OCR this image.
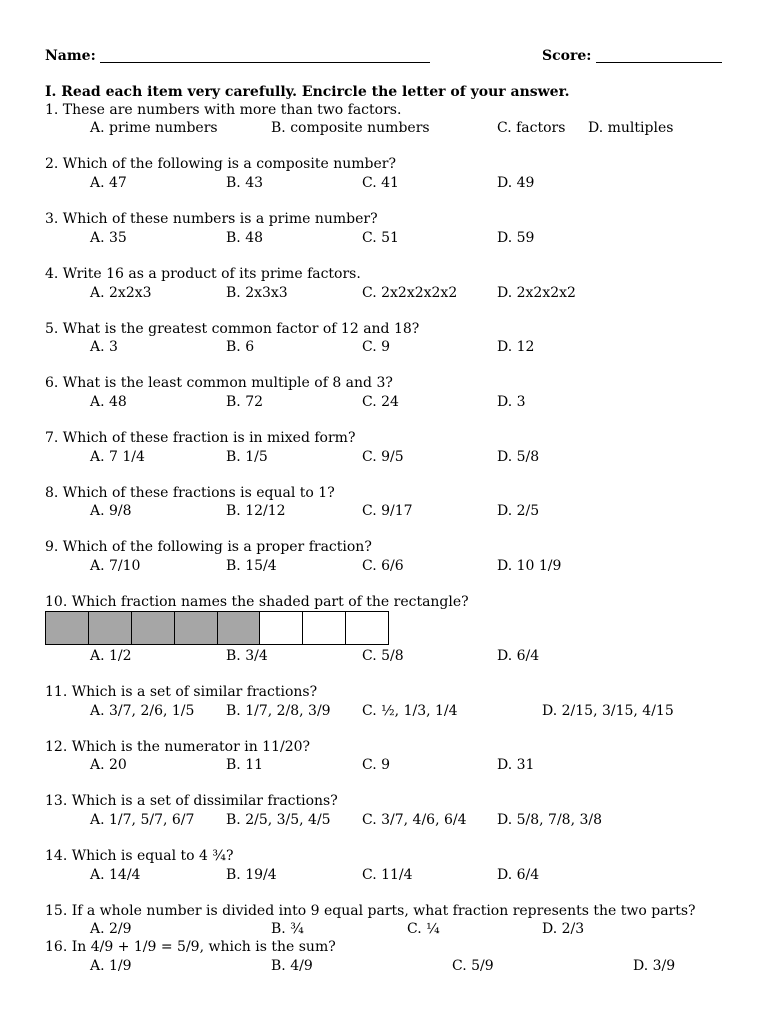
Name:	Score:
I. Read each item very carefully. Encircle the letter of your answer.
1. These are numbers with more than two factors.
A. prime numbers	B. composite numbers	C. factors D. multiples
2. Which of the following is a composite number?
A. 47	B. 43	C. 41	D. 49
3. Which of these numbers is a prime number?
A. 35	B. 48	C. 51	D. 59
4. Write 16 as a product of its prime factors.
A. 2x2x3	B. 2x3x3	C. 2x2x2x2x2	D. 2x2x2x2
5. What is the greatest common factor of 12 and 18?
A. 3	B. 6	C. 9	D. 12
6. What is the least common multiple of 8 and 3?
A. 48	B. 72	C. 24	D. 3
7. Which of these fraction is in mixed form?
A. 7 1/4	B. 1/5	C. 9/5	D. 5/8
8. Which of these fractions is equal to 1?
A. 9/8	B. 12/12	C. 9/17	D. 2/5
9. Which of the following is a proper fraction?
A. 7/10	B. 15/4	C. 6/6	D. 10 1/9
10. Which fraction names the shaded part of the rectangle?
A. 1/2	B. 3/4	C. 5/8	D. 6/4
11. Which is a set of similar fractions?
A. 3/7, 2/6, 1/5 B. 1/7, 2/8, 3/9 C. ½, 1/3, 1/4	D. 2/15, 3/15, 4/15
12. Which is the numerator in 11/20?
A. 20	B. 11	C. 9	D. 31
13. Which is a set of dissimilar fractions?
A. 1/7, 5/7, 6/7 B. 2/5, 3/5, 4/5 C. 3/7, 4/6, 6/4 D. 5/8, 7/8, 3/8
14. Which is equal to 4 ¾?
A. 14/4	B. 19/4	C. 11/4	D. 6/4
15. If a whole number is divided into 9 equal parts, what fraction represents the two parts?
A. 2/9	B. ¾	C. ¼	D. 2/3
16. In 4/9 + 1/9 = 5/9, which is the sum?
A. 1/9	B. 4/9	C. 5/9	D. 3/9
